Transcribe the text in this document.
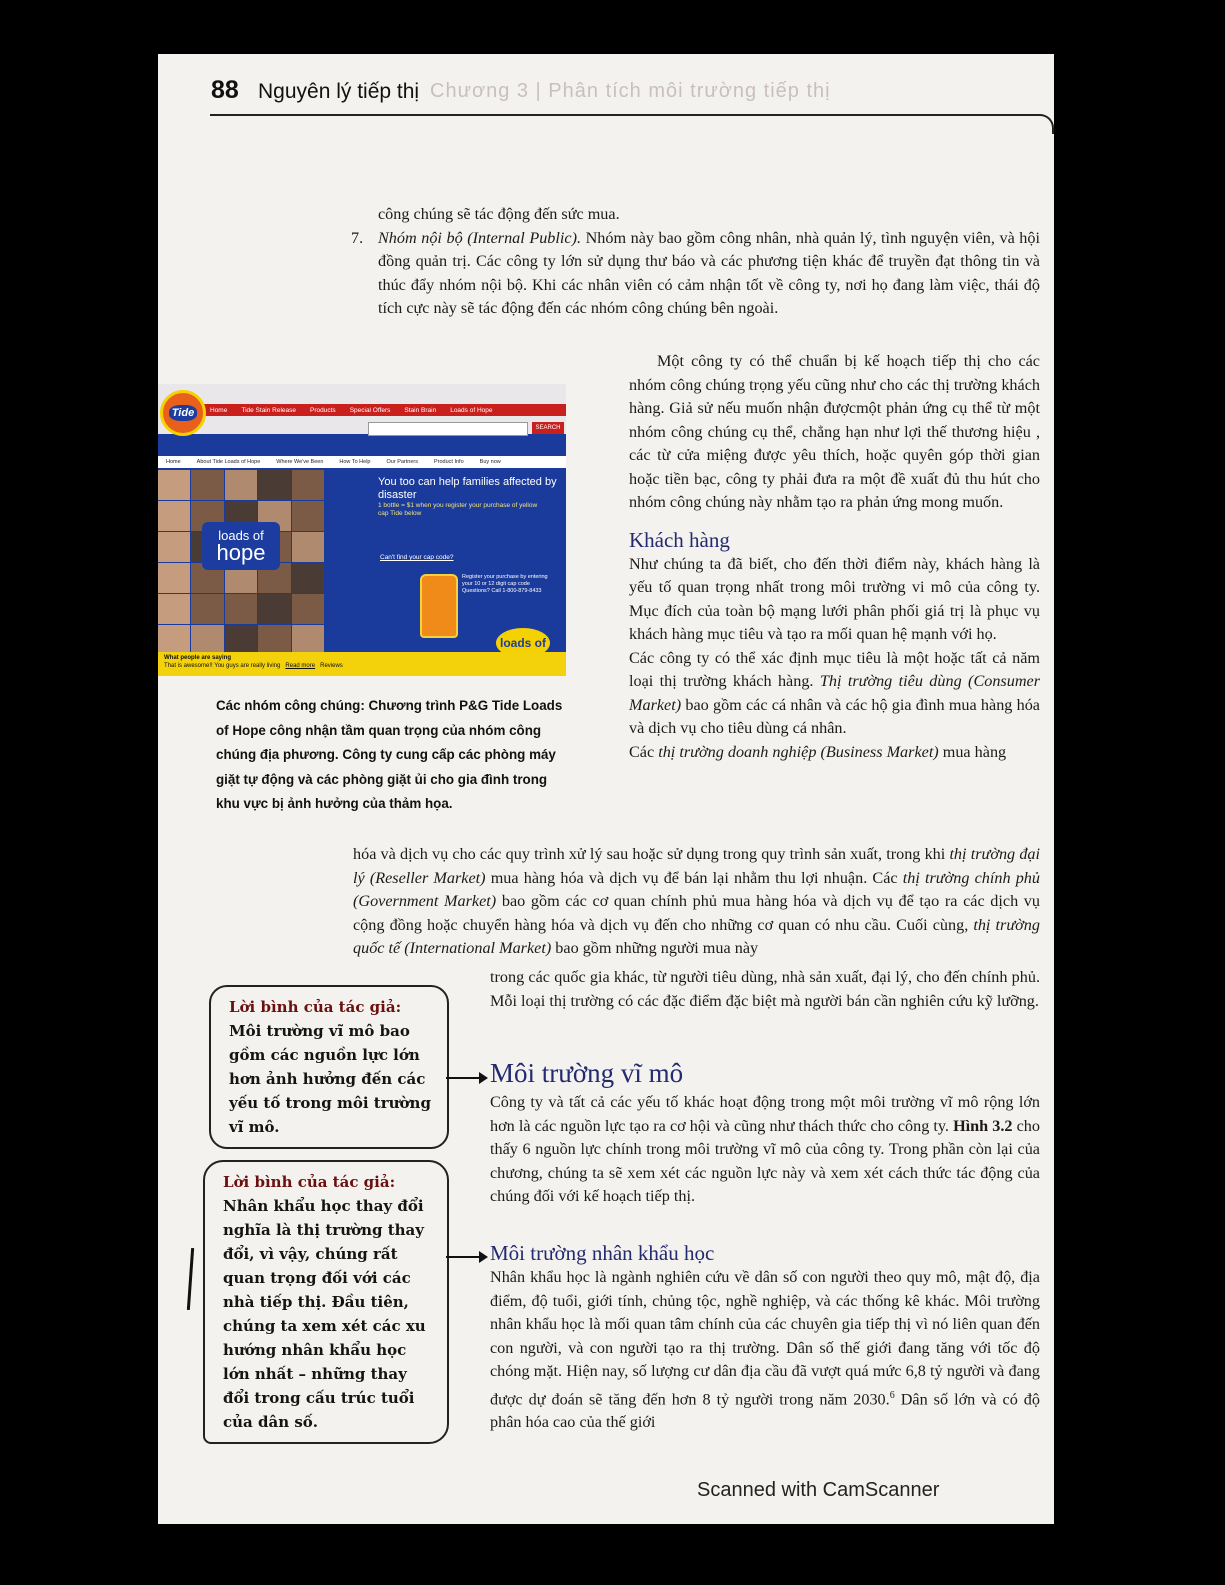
Chương 3 | Phân tích môi trường tiếp thị
88 Nguyên lý tiếp thị

công chúng sẽ tác động đến sức mua.

7. Nhóm nội bộ (Internal Public). Nhóm này bao gồm công nhân, nhà quản lý, tình nguyện viên, và hội đồng quản trị. Các công ty lớn sử dụng thư báo và các phương tiện khác để truyền đạt thông tin và thúc đẩy nhóm nội bộ. Khi các nhân viên có cảm nhận tốt về công ty, nơi họ đang làm việc, thái độ tích cực này sẽ tác động đến các nhóm công chúng bên ngoài.

Một công ty có thể chuẩn bị kế hoạch tiếp thị cho các nhóm công chúng trọng yếu cũng như cho các thị trường khách hàng. Giả sử nếu muốn nhận đượcmột phản ứng cụ thể từ một nhóm công chúng cụ thể, chẳng hạn như lợi thế thương hiệu , các từ cửa miệng được yêu thích, hoặc quyên góp thời gian hoặc tiền bạc, công ty phải đưa ra một đề xuất đủ thu hút cho nhóm công chúng này nhằm tạo ra phản ứng mong muốn.

Khách hàng

Như chúng ta đã biết, cho đến thời điểm này, khách hàng là yếu tố quan trọng nhất trong môi trường vi mô của công ty. Mục đích của toàn bộ mạng lưới phân phối giá trị là phục vụ khách hàng mục tiêu và tạo ra mối quan hệ mạnh với họ.

Các công ty có thể xác định mục tiêu là một hoặc tất cả năm loại thị trường khách hàng. Thị trường tiêu dùng (Consumer Market) bao gồm các cá nhân và các hộ gia đình mua hàng hóa và dịch vụ cho tiêu dùng cá nhân.

Các thị trường doanh nghiệp (Business Market) mua hàng

hóa và dịch vụ cho các quy trình xử lý sau hoặc sử dụng trong quy trình sản xuất, trong khi thị trường đại lý (Reseller Market) mua hàng hóa và dịch vụ để bán lại nhằm thu lợi nhuận. Các thị trường chính phủ (Government Market) bao gồm các cơ quan chính phủ mua hàng hóa và dịch vụ để tạo ra các dịch vụ cộng đồng hoặc chuyển hàng hóa và dịch vụ đến cho những cơ quan có nhu cầu. Cuối cùng, thị trường quốc tế (International Market) bao gồm những người mua này

trong các quốc gia khác, từ người tiêu dùng, nhà sản xuất, đại lý, cho đến chính phủ. Mỗi loại thị trường có các đặc điểm đặc biệt mà người bán cần nghiên cứu kỹ lưỡng.

Home Tide Stain Release Products Special Offers Stain Brain Loads of Hope
Tide
SEARCH
Home	About Tide Loads of Hope	Where We've Been	How To Help	Our Partners	Product Info	Buy now
loads of
hope
You too can help families affected by disaster
1 bottle = $1 when you register your purchase of yellow cap Tide below
Can't find your cap code?
Register your purchase by entering your 10 or 12 digit cap code Questions? Call 1-800-879-8433
loads of
What people are saying
That is awesome!! You guys are really living Read more Reviews
Các nhóm công chúng: Chương trình P&G Tide Loads of Hope công nhận tầm quan trọng của nhóm công chúng địa phương. Công ty cung cấp các phòng máy giặt tự động và các phòng giặt ủi cho gia đình trong khu vực bị ảnh hưởng của thảm họa.
Lời bình của tác giả:
Môi trường vĩ mô bao gồm các nguồn lực lớn hơn ảnh hưởng đến các yếu tố trong môi trường vĩ mô.
Môi trường vĩ mô

Công ty và tất cả các yếu tố khác hoạt động trong một môi trường vĩ mô rộng lớn hơn là các nguồn lực tạo ra cơ hội và cũng như thách thức cho công ty. Hình 3.2 cho thấy 6 nguồn lực chính trong môi trường vĩ mô của công ty. Trong phần còn lại của chương, chúng ta sẽ xem xét các nguồn lực này và xem xét cách thức tác động của chúng đối với kế hoạch tiếp thị.

Lời bình của tác giả:
Nhân khẩu học thay đổi nghĩa là thị trường thay đổi, vì vậy, chúng rất quan trọng đối với các nhà tiếp thị. Đầu tiên, chúng ta xem xét các xu hướng nhân khẩu học lớn nhất – những thay đổi trong cấu trúc tuổi của dân số.
Môi trường nhân khẩu học

Nhân khẩu học là ngành nghiên cứu về dân số con người theo quy mô, mật độ, địa điểm, độ tuổi, giới tính, chủng tộc, nghề nghiệp, và các thống kê khác. Môi trường nhân khẩu học là mối quan tâm chính của các chuyên gia tiếp thị vì nó liên quan đến con người, và con người tạo ra thị trường. Dân số thế giới đang tăng với tốc độ chóng mặt. Hiện nay, số lượng cư dân địa cầu đã vượt quá mức 6,8 tỷ người và đang được dự đoán sẽ tăng đến hơn 8 tỷ người trong năm 2030.$^6$ Dân số lớn và có độ phân hóa cao của thế giới

Scanned with CamScanner
